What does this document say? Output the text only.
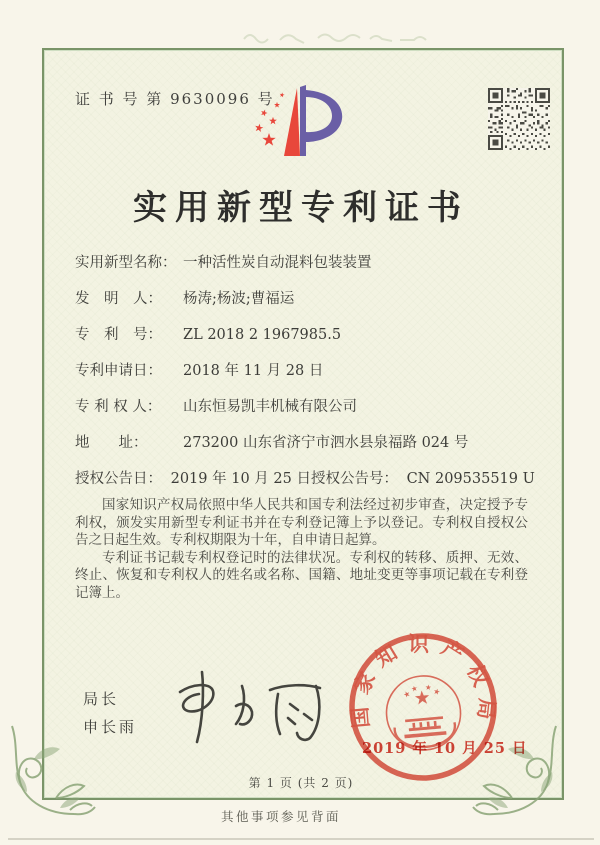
证 书 号 第 9630096 号
实用新型专利证书
实用新型名称： 一种活性炭自动混料包装装置
发　明　人：	杨涛;杨波;曹福运
专　利　号：	ZL 2018 2 1967985.5
专利申请日：	2018 年 11 月 28 日
专 利 权 人：	山东恒易凯丰机械有限公司
地　　址：	273200 山东省济宁市泗水县泉福路 024 号
授权公告日： 2019 年 10 月 25 日 授权公告号： CN 209535519 U

国家知识产权局依照中华人民共和国专利法经过初步审查，决定授予专利权，颁发实用新型专利证书并在专利登记簿上予以登记。专利权自授权公告之日起生效。专利权期限为十年，自申请日起算。

专利证书记载专利权登记时的法律状况。专利权的转移、质押、无效、终止、恢复和专利权人的姓名或名称、国籍、地址变更等事项记载在专利登记簿上。

局长
申长雨	国家知识产权局
2019 年 10 月 25 日
第 1 页 (共 2 页)
其他事项参见背面
